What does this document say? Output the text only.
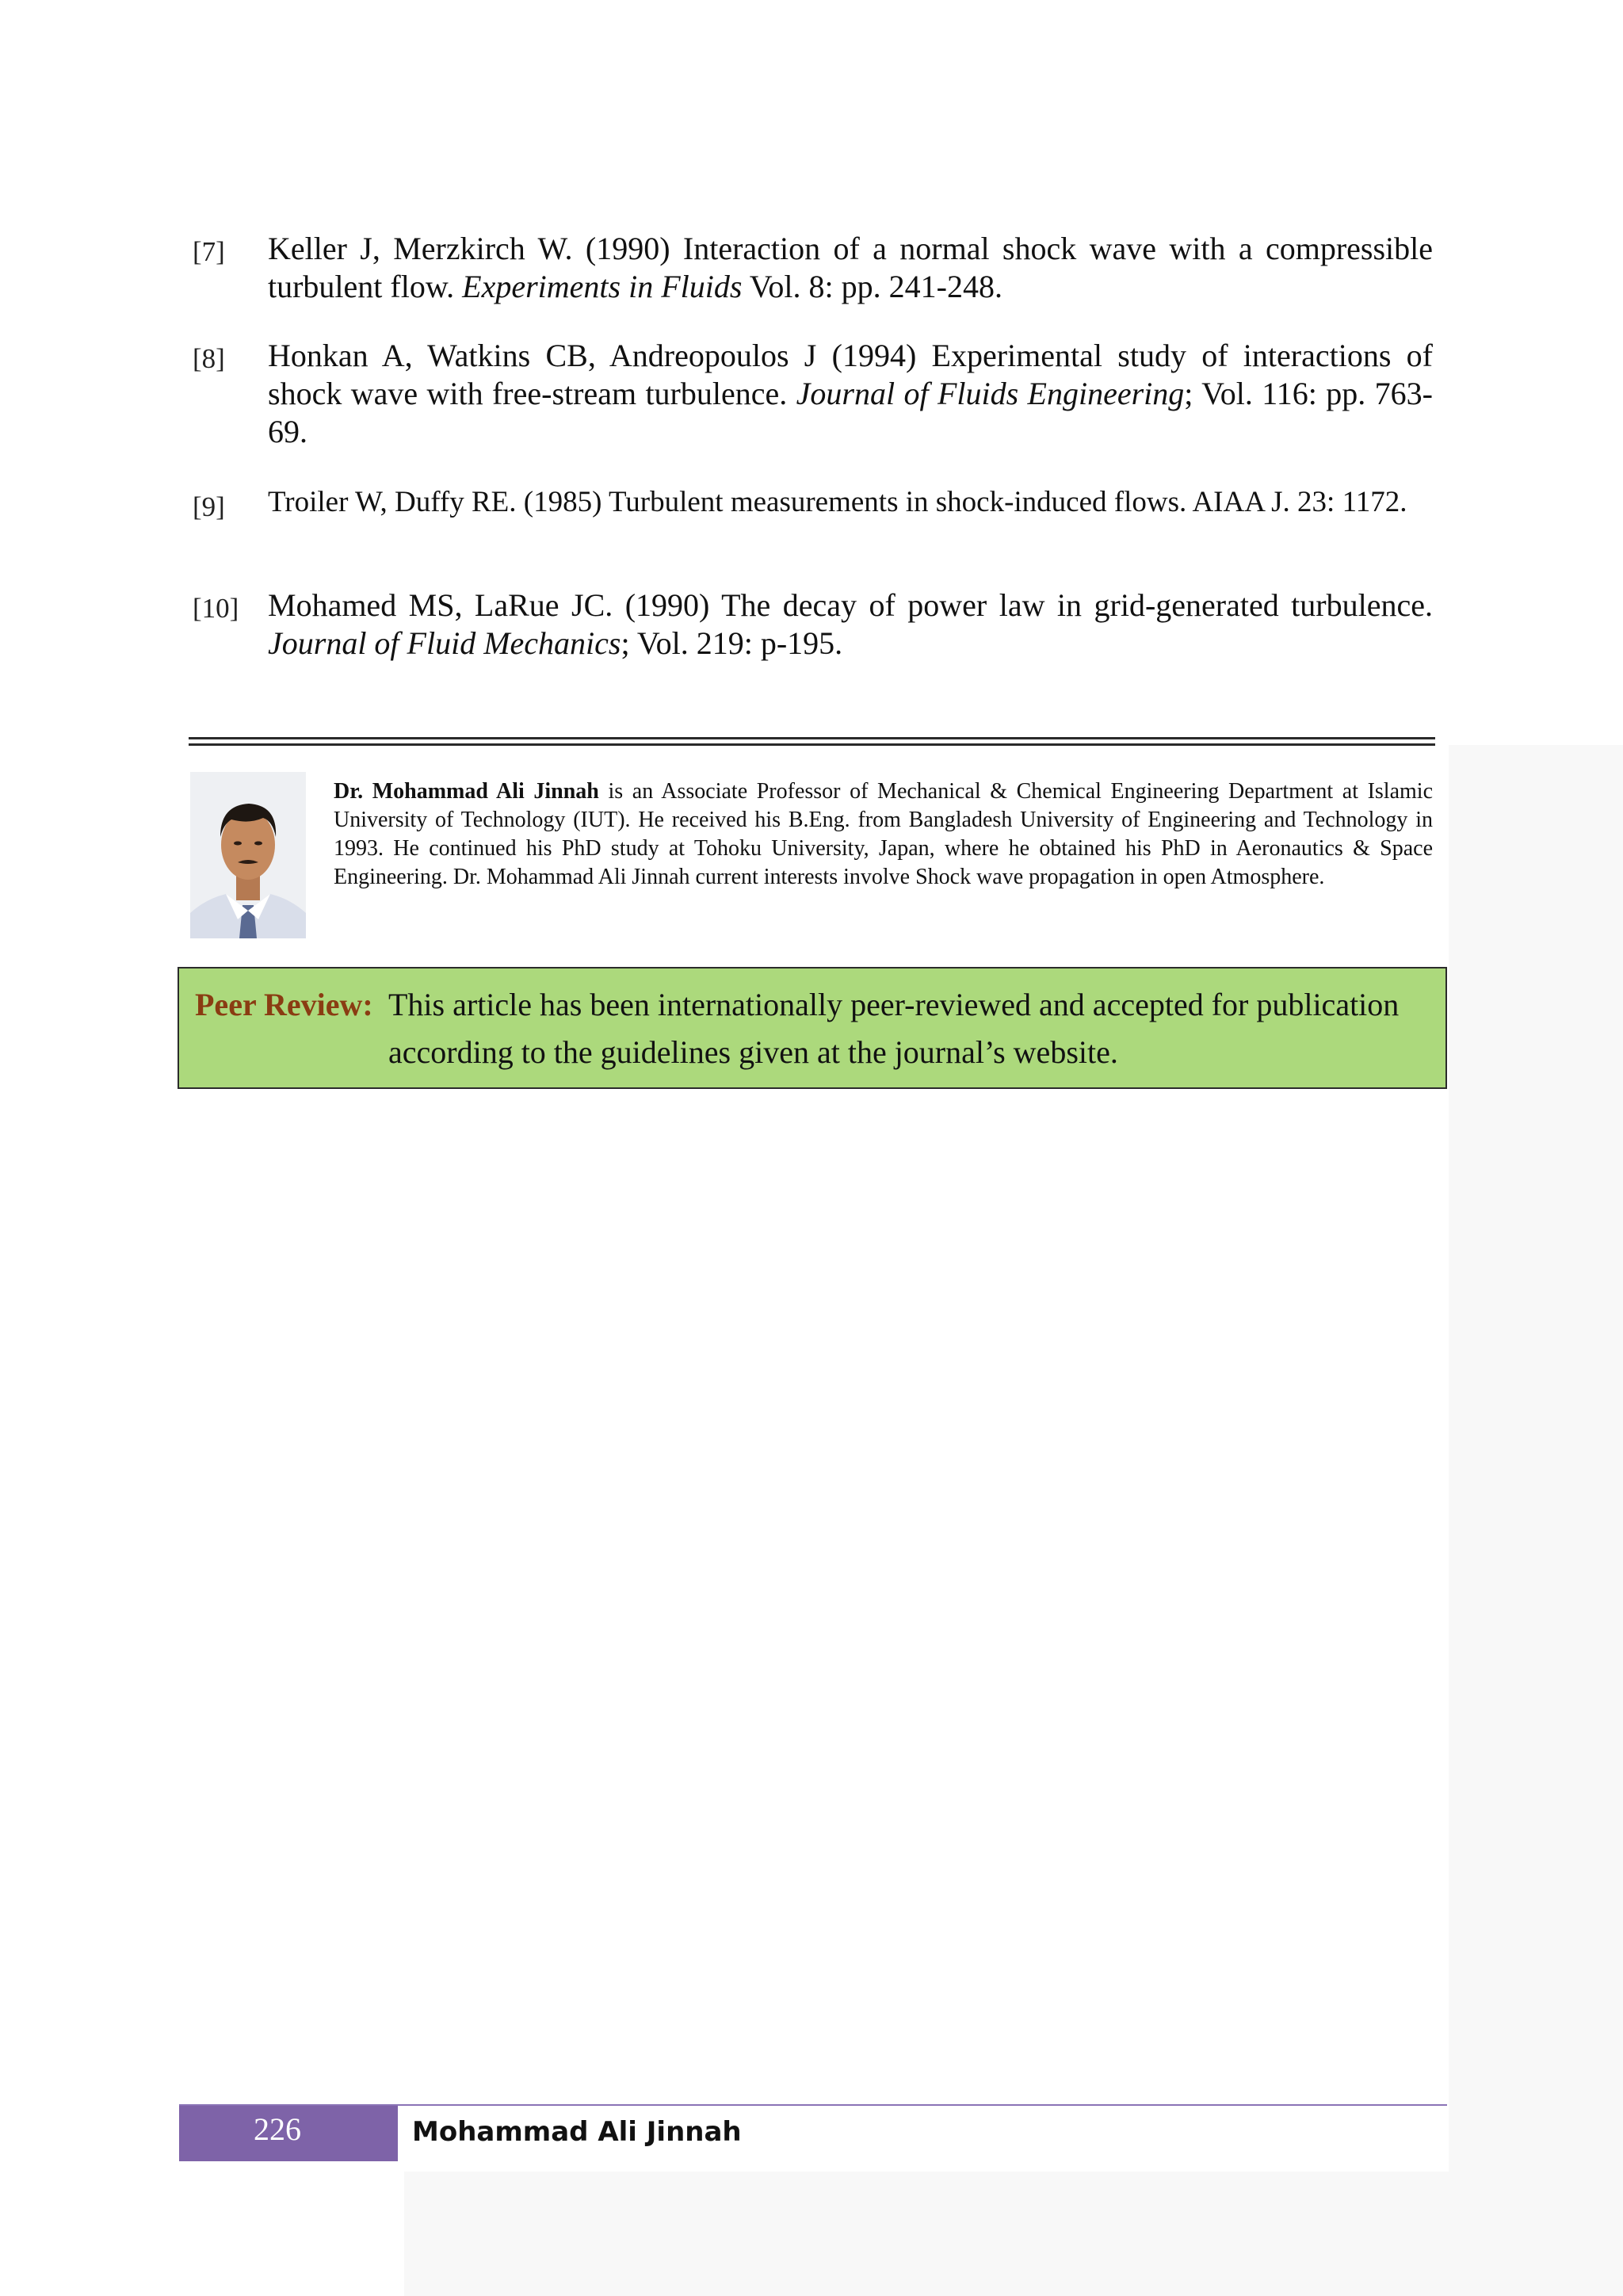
[7]	Keller J, Merzkirch W. (1990) Interaction of a normal shock wave with a compressible turbulent flow. Experiments in Fluids Vol. 8: pp. 241-248.
[8]	Honkan A, Watkins CB, Andreopoulos J (1994) Experimental study of interactions of shock wave with free-stream turbulence. Journal of Fluids Engineering; Vol. 116: pp. 763-69.
[9]	Troiler W, Duffy RE. (1985) Turbulent measurements in shock-induced flows. AIAA J. 23: 1172.
[10] Mohamed MS, LaRue JC. (1990) The decay of power law in grid-generated turbulence. Journal of Fluid Mechanics; Vol. 219: p-195.
Dr. Mohammad Ali Jinnah is an Associate Professor of Mechanical & Chemical Engineering Department at Islamic University of Technology (IUT). He received his B.Eng. from Bangladesh University of Engineering and Technology in 1993. He continued his PhD study at Tohoku University, Japan, where he obtained his PhD in Aeronautics & Space Engineering. Dr. Mohammad Ali Jinnah current interests involve Shock wave propagation in open Atmosphere.
Peer Review: This article has been internationally peer-reviewed and accepted for publication
according to the guidelines given at the journal’s website.
226	Mohammad Ali Jinnah
